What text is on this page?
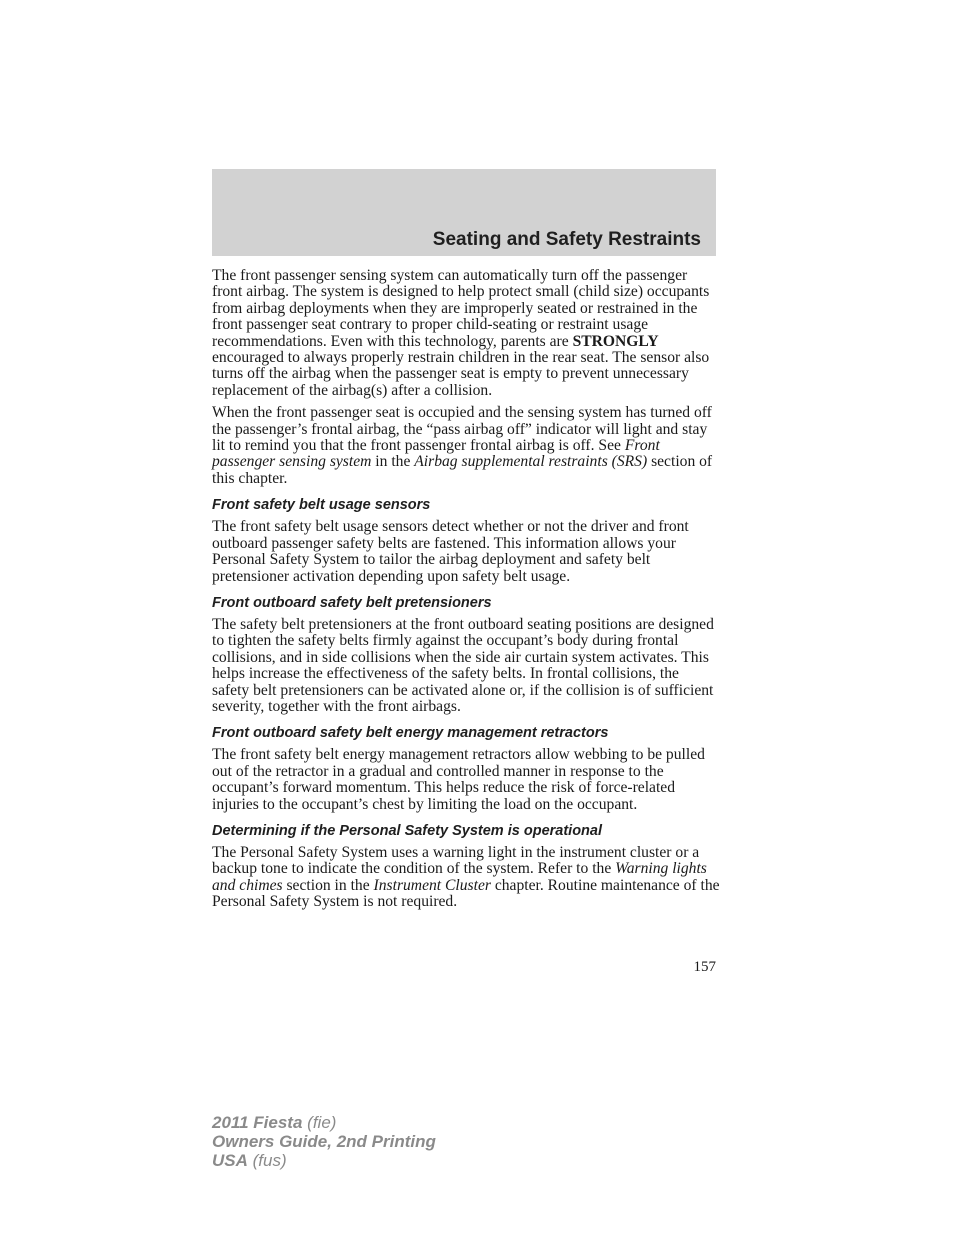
Seating and Safety Restraints

The front passenger sensing system can automatically turn off the passenger front airbag. The system is designed to help protect small (child size) occupants from airbag deployments when they are improperly seated or restrained in the front passenger seat contrary to proper child-seating or restraint usage recommendations. Even with this technology, parents are STRONGLY encouraged to always properly restrain children in the rear seat. The sensor also turns off the airbag when the passenger seat is empty to prevent unnecessary replacement of the airbag(s) after a collision.

When the front passenger seat is occupied and the sensing system has turned off the passenger’s frontal airbag, the “pass airbag off” indicator will light and stay lit to remind you that the front passenger frontal airbag is off. See Front passenger sensing system in the Airbag supplemental restraints (SRS) section of this chapter.

Front safety belt usage sensors

The front safety belt usage sensors detect whether or not the driver and front outboard passenger safety belts are fastened. This information allows your Personal Safety System to tailor the airbag deployment and safety belt pretensioner activation depending upon safety belt usage.

Front outboard safety belt pretensioners

The safety belt pretensioners at the front outboard seating positions are designed to tighten the safety belts firmly against the occupant’s body during frontal collisions, and in side collisions when the side air curtain system activates. This helps increase the effectiveness of the safety belts. In frontal collisions, the safety belt pretensioners can be activated alone or, if the collision is of sufficient severity, together with the front airbags.

Front outboard safety belt energy management retractors

The front safety belt energy management retractors allow webbing to be pulled out of the retractor in a gradual and controlled manner in response to the occupant’s forward momentum. This helps reduce the risk of force-related injuries to the occupant’s chest by limiting the load on the occupant.

Determining if the Personal Safety System is operational

The Personal Safety System uses a warning light in the instrument cluster or a backup tone to indicate the condition of the system. Refer to the Warning lights and chimes section in the Instrument Cluster chapter. Routine maintenance of the Personal Safety System is not required.

157
2011 Fiesta (fie)
Owners Guide, 2nd Printing
USA (fus)
